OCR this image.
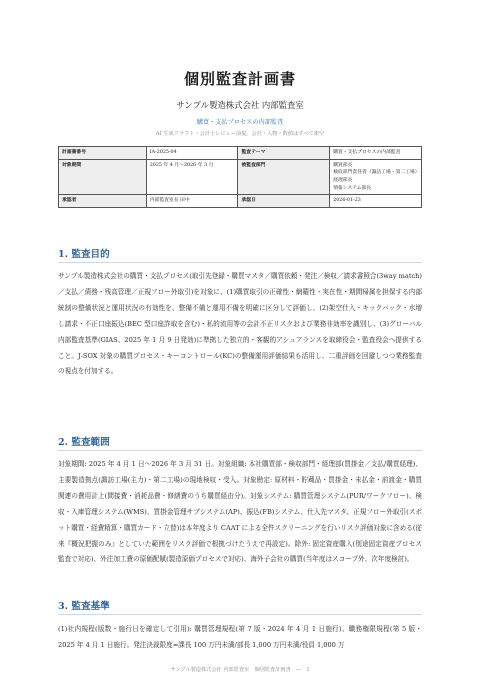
個別監査計画書
サンプル製造株式会社 内部監査室
購買・支払プロセスの内部監査
AI 生成ドラフト・会計士レビュー前提。会社・人物・数値はすべて架空
計画書番号	IA-2025-04	監査テーマ	購買・支払プロセスの内部監査
対象期間	2025 年 4 月～2026 年 3 月	被監査部門	購買部長
検収部門責任者（諏訪工場・第二工場）
経理部長
情報システム部長

承認者	内部監査室長 田中	承認日	2026-01-23
1. 監査目的

サンプル製造株式会社の購買・支払プロセス(取引先登録・購買マスタ／購買依頼・発注／検収／請求書照合(3way match)／支払／債務・残高管理／正規フロー外取引)を対象に、(1)購買取引の正確性・網羅性・実在性・期間帰属を担保する内部統制の整備状況と運用状況の有効性を、整備不備と運用不備を明確に区分して評価し、(2)架空仕入・キックバック・水増し請求・不正口座振込(BEC 型口座詐取を含む)・私的流用等の会計不正リスクおよび業務非効率を識別し、(3)グローバル内部監査基準(GIAS、2025 年 1 月 9 日発効)に準拠した独立的・客観的アシュアランスを取締役会・監査役会へ提供すること。J-SOX 対象の購買プロセス・キーコントロール(KC)の整備運用評価結果も活用し、二重評価を回避しつつ業務監査の視点を付加する。

2. 監査範囲

対象期間: 2025 年 4 月 1 日～2026 年 3 月 31 日。対象組織: 本社購買部・検収部門・経理部(買掛金／支払/購買経理)、主要製造拠点(諏訪工場(主力)・第二工場)の現地検収・受入。対象勘定: 原材料・貯蔵品・買掛金・未払金・前渡金・購買関連の費用計上(間接費・消耗品費・修繕費のうち購買経由分)。対象システム: 購買管理システム(PUR/ワークフロー)、検収・入庫管理システム(WMS)、買掛金管理サブシステム(AP)、振込(FB)システム、仕入先マスタ。正規フロー外取引(スポット購買・経費精算・購買カード・立替)は本年度より CAAT による全件スクリーニングを行いリスク評価対象に含める(従来『概況把握のみ』としていた範囲をリスク評価で根拠づけたうえで再設定)。除外: 固定資産購入(別途固定資産プロセス監査で対応)、外注加工費の原価配賦(製造原価プロセスで対応)、海外子会社の購買(当年度はスコープ外、次年度検討)。

3. 監査基準

(1)社内規程(版数・施行日を確定して引用): 購買管理規程(第 7 版・2024 年 4 月 1 日施行)、職務権限規程(第 5 版・2025 年 4 月 1 日施行。発注決裁限度=課長 100 万円未満/部長 1,000 万円未満/役員 1,000 万

サンプル製造株式会社 内部監査室　個別監査計画書　—　1
